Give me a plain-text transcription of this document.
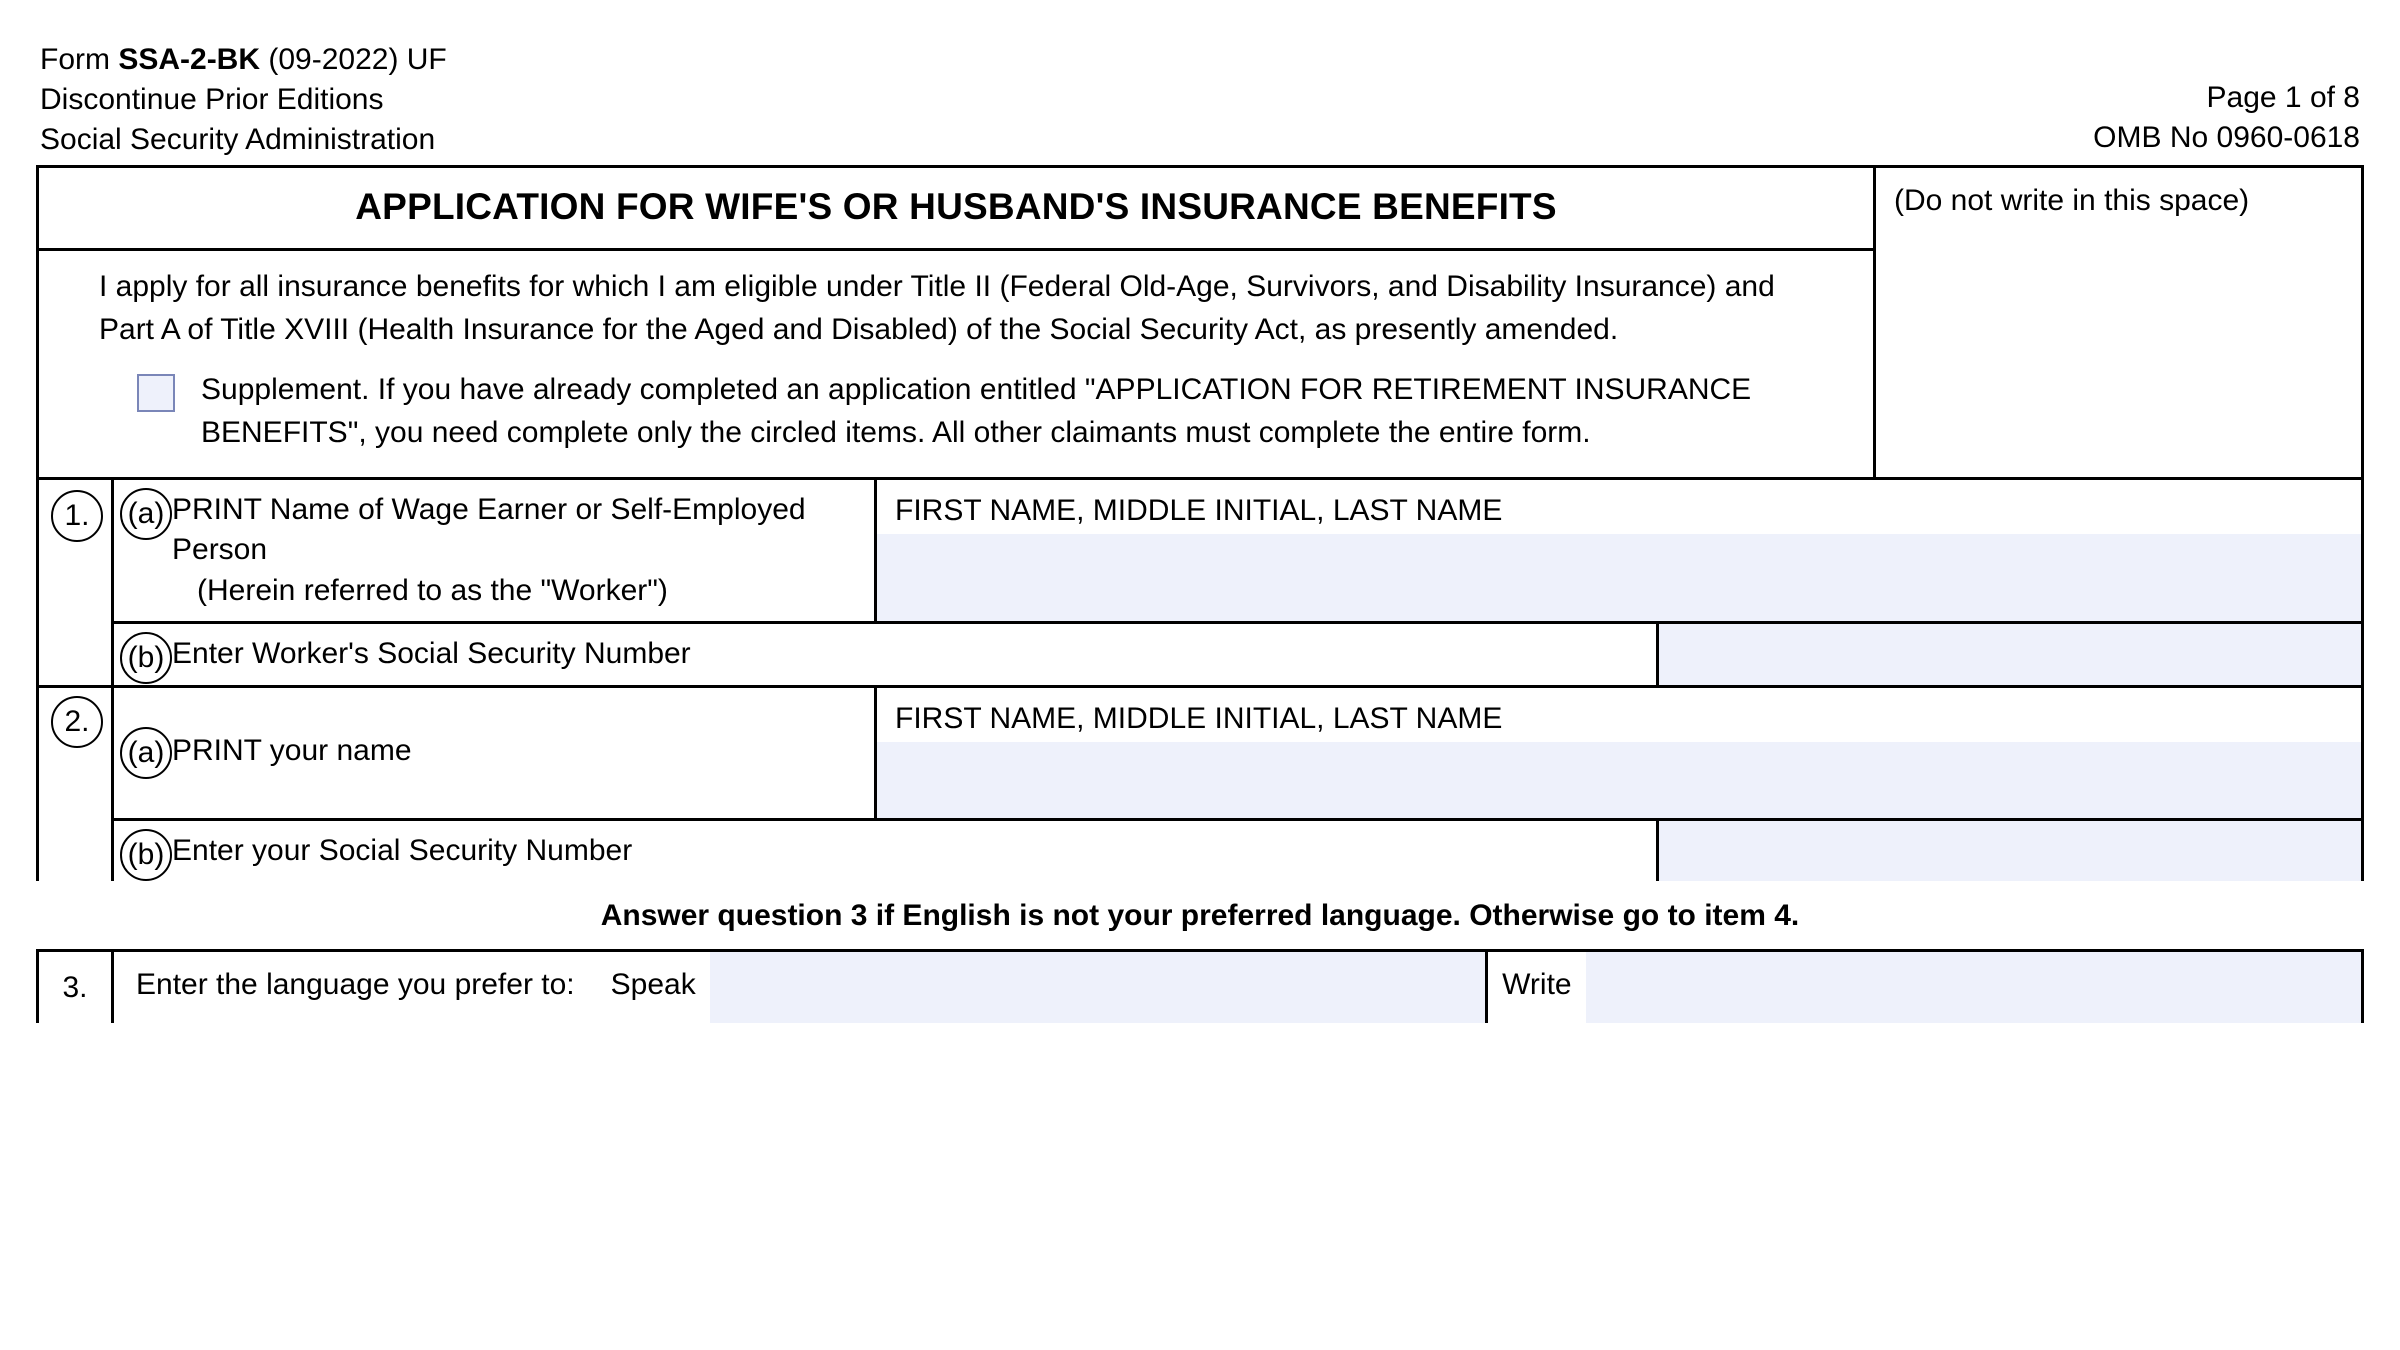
Form SSA-2-BK (09-2022) UF
Discontinue Prior Editions
Social Security Administration
Page 1 of 8
OMB No 0960-0618
APPLICATION FOR WIFE'S OR HUSBAND'S INSURANCE BENEFITS
I apply for all insurance benefits for which I am eligible under Title II (Federal Old-Age, Survivors, and Disability Insurance) and Part A of Title XVIII (Health Insurance for the Aged and Disabled) of the Social Security Act, as presently amended.
Supplement. If you have already completed an application entitled "APPLICATION FOR RETIREMENT INSURANCE BENEFITS", you need complete only the circled items. All other claimants must complete the entire form.
(Do not write in this space)
1.	(a) PRINT Name of Wage Earner or Self-Employed Person
(Herein referred to as the "Worker")
FIRST NAME, MIDDLE INITIAL, LAST NAME
(b) Enter Worker's Social Security Number
2.
(a) PRINT your name
FIRST NAME, MIDDLE INITIAL, LAST NAME
(b) Enter your Social Security Number
Answer question 3 if English is not your preferred language. Otherwise go to item 4.
3.	Enter the language you prefer to:	Speak	Write
